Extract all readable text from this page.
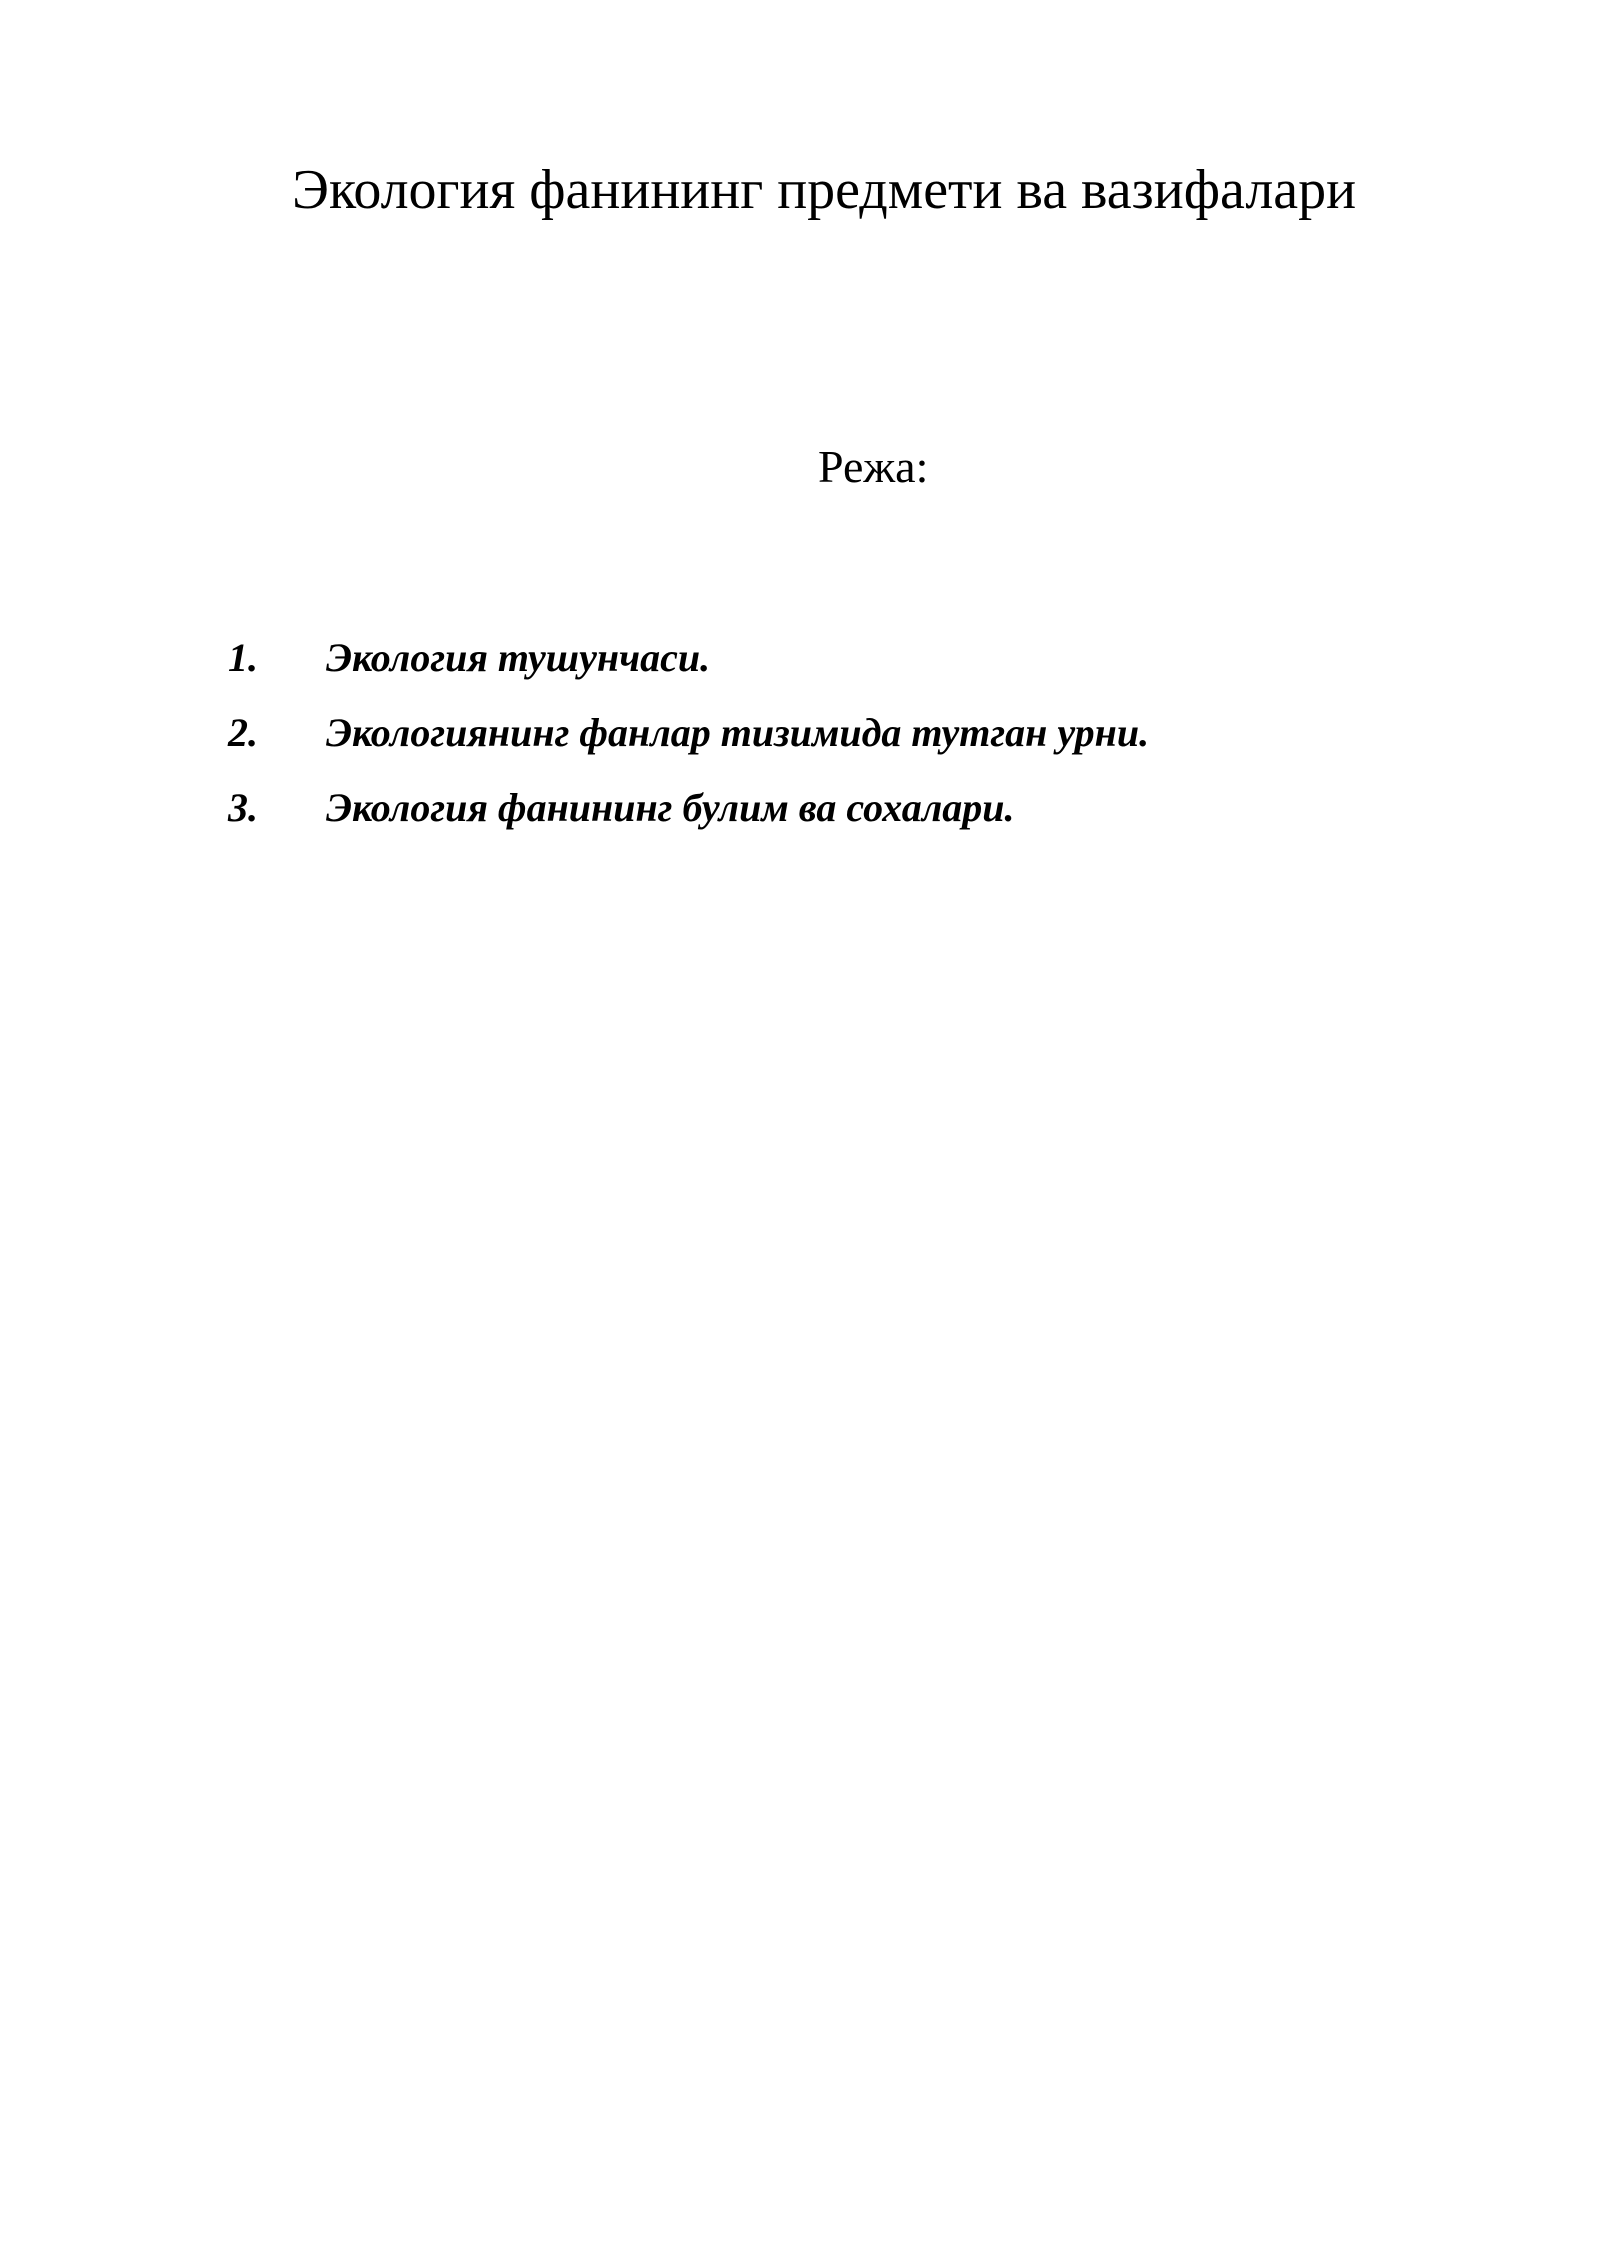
Экология фанининг предмети ва вазифалари
Режа:
1.	Экология тушунчаси.
2.	Экологиянинг фанлар тизимида тутган урни.
3.	Экология фанининг булим ва сохалари.
